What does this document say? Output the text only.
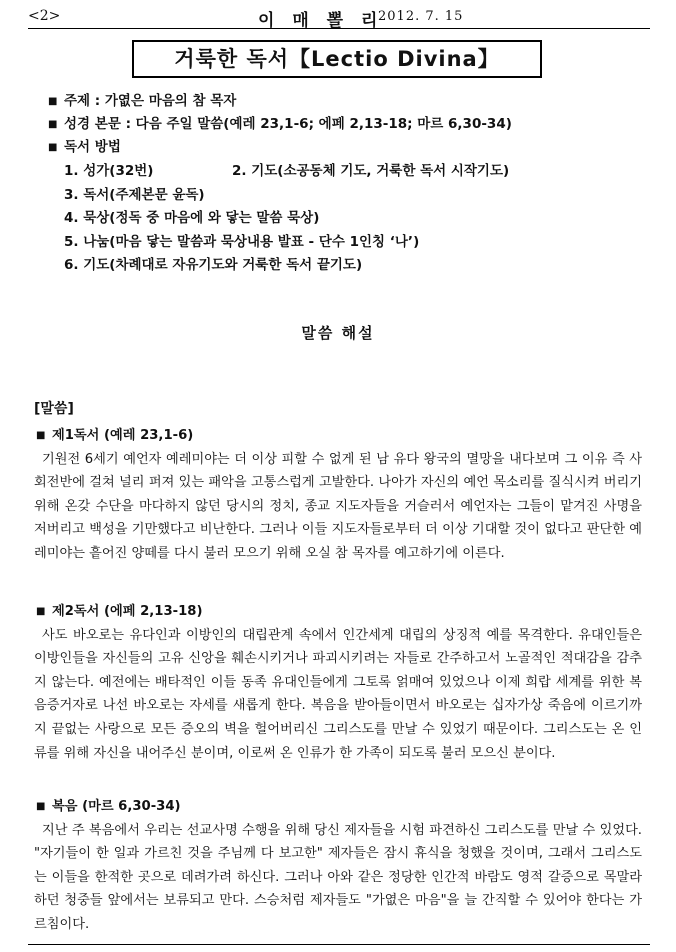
<2>	이 매 뽈 리
2012. 7. 15
거룩한 독서【Lectio Divina】
■ 주제 : 가엾은 마음의 참 목자
■ 성경 본문 : 다음 주일 말씀(예레 23,1-6; 에페 2,13-18; 마르 6,30-34)
■ 독서 방법
1. 성가(32번)	2. 기도(소공동체 기도, 거룩한 독서 시작기도)
3. 독서(주제본문 윤독)
4. 묵상(정독 중 마음에 와 닿는 말씀 묵상)
5. 나눔(마음 닿는 말씀과 묵상내용 발표 - 단수 1인칭 ‘나’)
6. 기도(차례대로 자유기도와 거룩한 독서 끝기도)
말씀 해설
[말씀]
■ 제1독서 (예레 23,1-6)

기원전 6세기 예언자 예레미야는 더 이상 피할 수 없게 된 남 유다 왕국의 멸망을 내다보며 그 이유 즉 사회전반에 걸쳐 널리 퍼져 있는 패악을 고통스럽게 고발한다. 나아가 자신의 예언 목소리를 질식시켜 버리기 위해 온갖 수단을 마다하지 않던 당시의 정치, 종교 지도자들을 거슬러서 예언자는 그들이 맡겨진 사명을 저버리고 백성을 기만했다고 비난한다. 그러나 이들 지도자들로부터 더 이상 기대할 것이 없다고 판단한 예레미야는 흩어진 양떼를 다시 불러 모으기 위해 오실 참 목자를 예고하기에 이른다.

■ 제2독서 (에페 2,13-18)

사도 바오로는 유다인과 이방인의 대립관계 속에서 인간세계 대립의 상징적 예를 목격한다. 유대인들은 이방인들을 자신들의 고유 신앙을 훼손시키거나 파괴시키려는 자들로 간주하고서 노골적인 적대감을 감추지 않는다. 예전에는 배타적인 이들 동족 유대인들에게 그토록 얽매여 있었으나 이제 희랍 세계를 위한 복음증거자로 나선 바오로는 자세를 새롭게 한다. 복음을 받아들이면서 바오로는 십자가상 죽음에 이르기까지 끝없는 사랑으로 모든 증오의 벽을 헐어버리신 그리스도를 만날 수 있었기 때문이다. 그리스도는 온 인류를 위해 자신을 내어주신 분이며, 이로써 온 인류가 한 가족이 되도록 불러 모으신 분이다.

■ 복음 (마르 6,30-34)

지난 주 복음에서 우리는 선교사명 수행을 위해 당신 제자들을 시험 파견하신 그리스도를 만날 수 있었다. "자기들이 한 일과 가르친 것을 주님께 다 보고한" 제자들은 잠시 휴식을 청했을 것이며, 그래서 그리스도는 이들을 한적한 곳으로 데려가려 하신다. 그러나 아와 같은 정당한 인간적 바람도 영적 갈증으로 목말라 하던 청중들 앞에서는 보류되고 만다. 스승처럼 제자들도 "가엾은 마음"을 늘 간직할 수 있어야 한다는 가르침이다.
